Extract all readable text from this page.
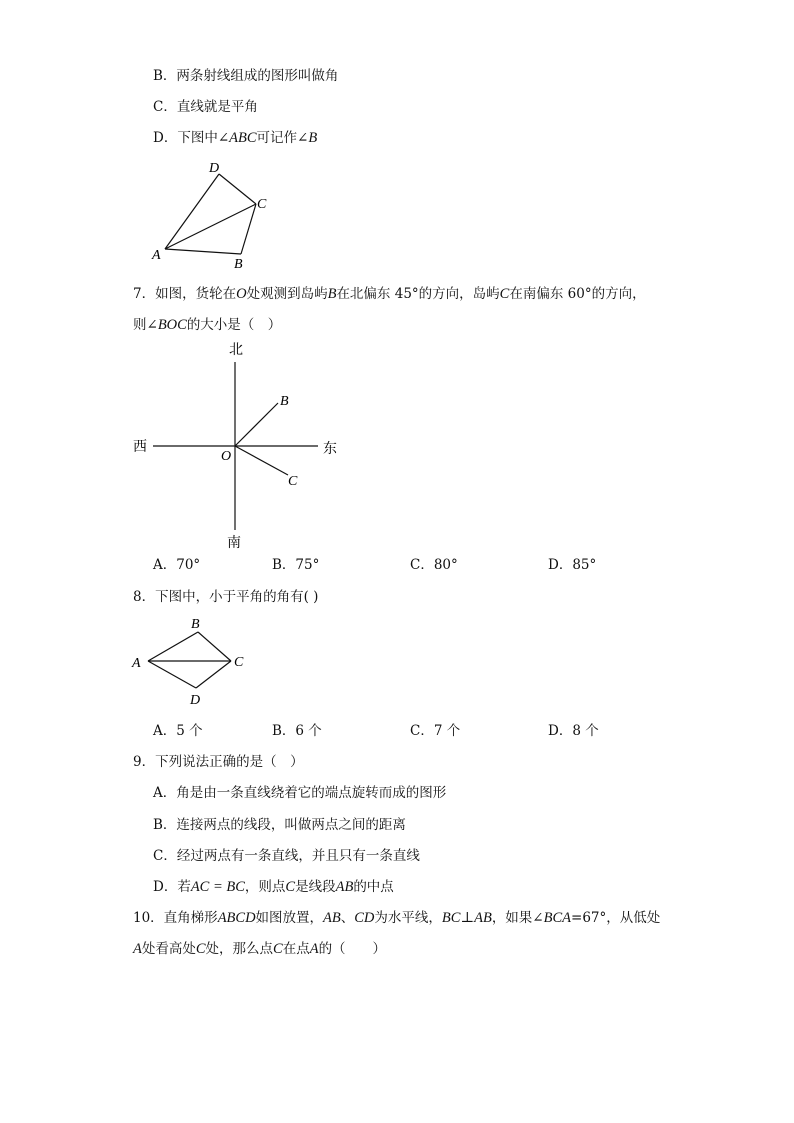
B．两条射线组成的图形叫做角
C．直线就是平角
D．下图中∠ABC可记作∠B
D
C
A
B
7．如图，货轮在O处观测到岛屿B在北偏东 45°的方向，岛屿C在南偏东 60°的方向，
则∠BOC的大小是（　）
北
南
西	东
O
B
C
A．70°	B．75°	C．80°	D．85°
8．下图中，小于平角的角有( )
B
A	C
D
A．5 个	B．6 个	C．7 个	D．8 个
9．下列说法正确的是（　）
A．角是由一条直线绕着它的端点旋转而成的图形
B．连接两点的线段，叫做两点之间的距离
C．经过两点有一条直线，并且只有一条直线
D．若AC = BC，则点C是线段AB的中点
10．直角梯形ABCD如图放置，AB、CD为水平线，BC⊥AB，如果∠BCA=67°，从低处
A处看高处C处，那么点C在点A的（　　）
